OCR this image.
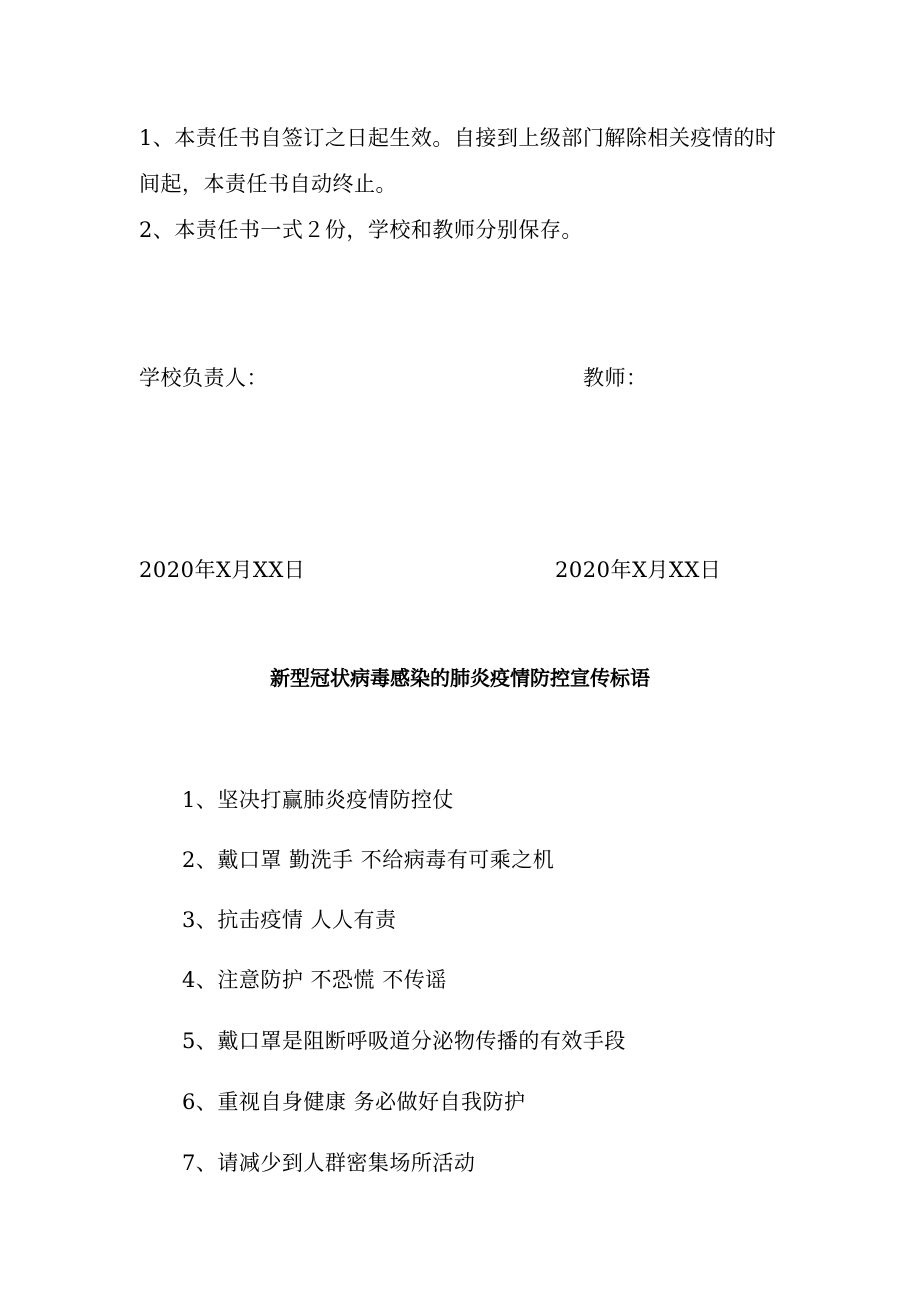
1、本责任书自签订之日起生效。自接到上级部门解除相关疫情的时
间起，本责任书自动终止。
2、本责任书一式２份，学校和教师分别保存。
学校负责人：	教师：
2020年X月XX日	2020年X月XX日
新型冠状病毒感染的肺炎疫情防控宣传标语
1、坚决打赢肺炎疫情防控仗
2、戴口罩 勤洗手 不给病毒有可乘之机
3、抗击疫情 人人有责
4、注意防护 不恐慌 不传谣
5、戴口罩是阻断呼吸道分泌物传播的有效手段
6、重视自身健康 务必做好自我防护
7、请减少到人群密集场所活动
